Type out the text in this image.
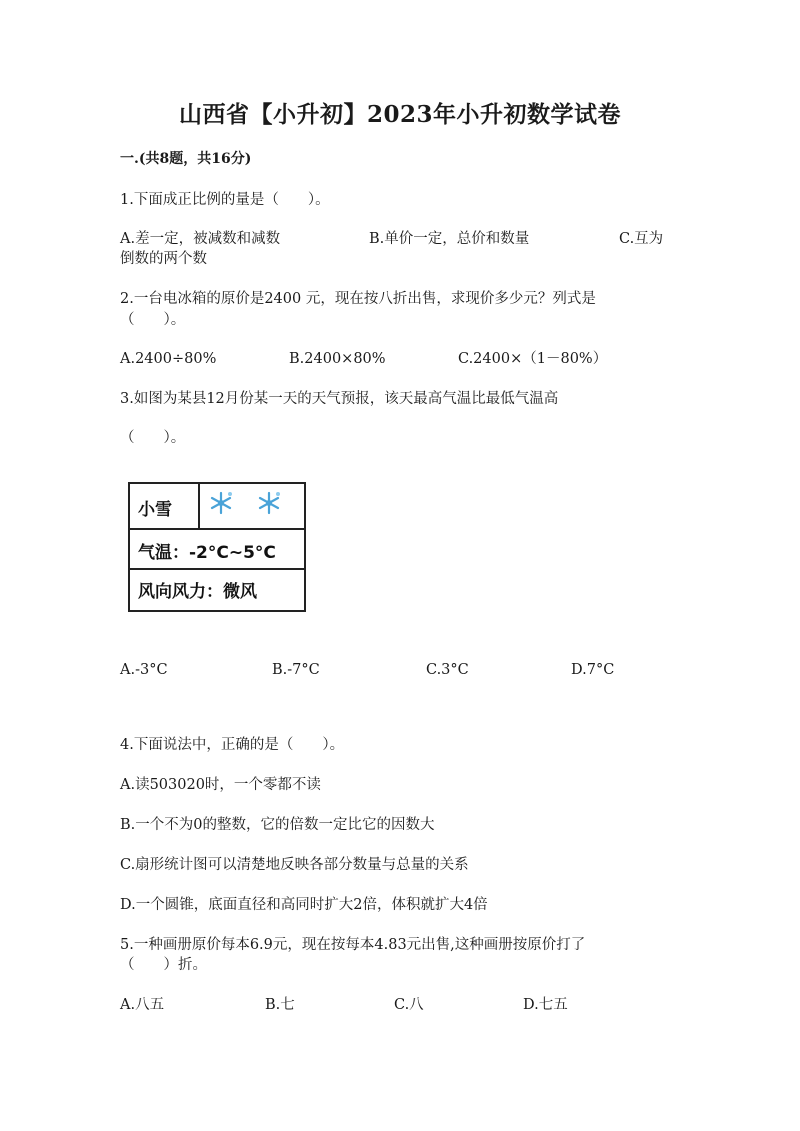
山西省【小升初】2023年小升初数学试卷
一.(共8题，共16分)
1.下面成正比例的量是（　　）。
A.差一定，被减数和减数	B.单价一定，总价和数量	C.互为
倒数的两个数
2.一台电冰箱的原价是2400 元，现在按八折出售，求现价多少元？列式是
（　　）。
A.2400÷80%	B.2400×80%	C.2400×（1－80%）
3.如图为某县12月份某一天的天气预报，该天最高气温比最低气温高
（　　）。
小雪
气温：-2°C~5°C
风向风力：微风
A.-3°C	B.-7°C	C.3°C	D.7°C
4.下面说法中，正确的是（　　）。
A.读503020时，一个零都不读
B.一个不为0的整数，它的倍数一定比它的因数大
C.扇形统计图可以清楚地反映各部分数量与总量的关系
D.一个圆锥，底面直径和高同时扩大2倍，体积就扩大4倍
5.一种画册原价每本6.9元，现在按每本4.83元出售,这种画册按原价打了
（　　）折。
A.八五	B.七	C.八	D.七五
